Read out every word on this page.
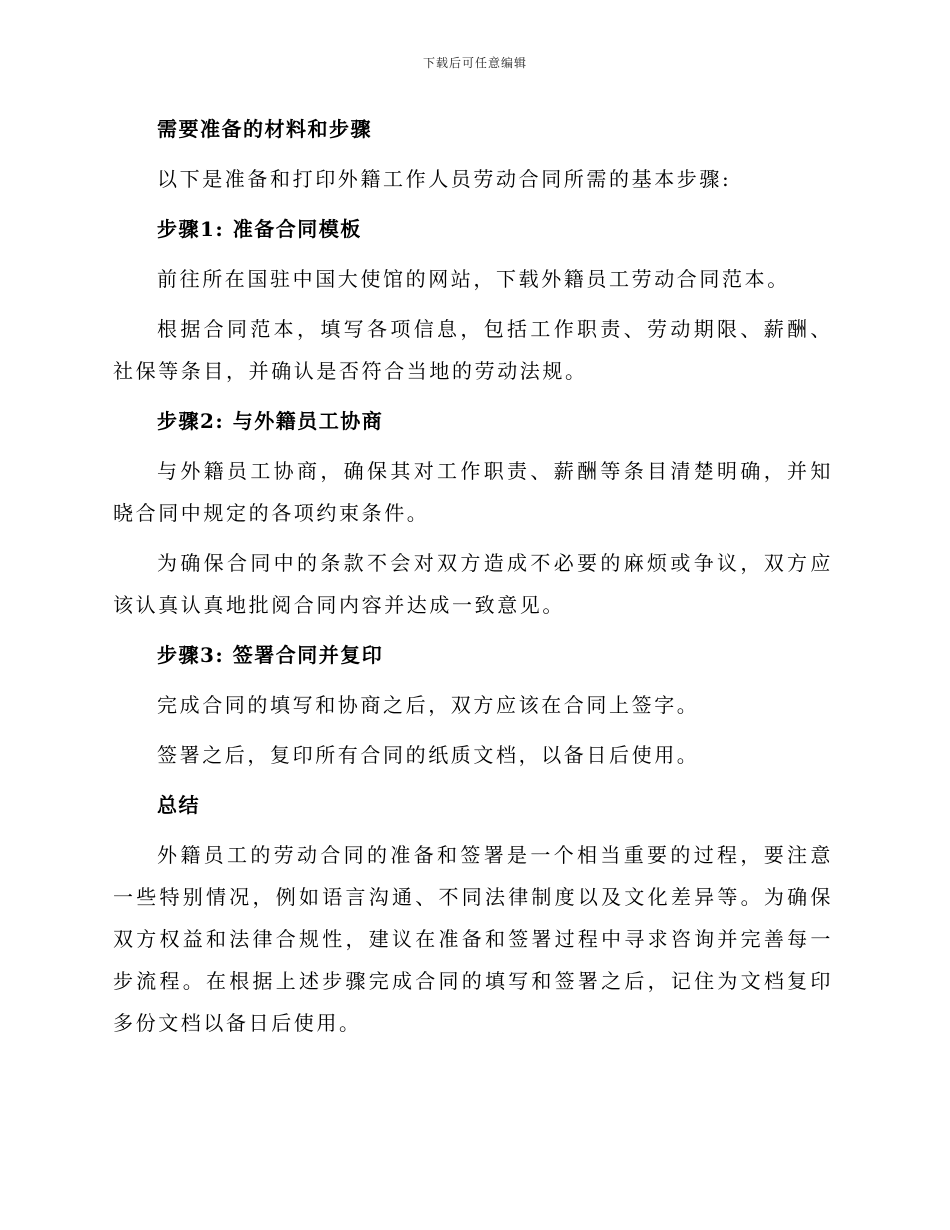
下载后可任意编辑

需要准备的材料和步骤

以下是准备和打印外籍工作人员劳动合同所需的基本步骤:

步骤1: 准备合同模板

前往所在国驻中国大使馆的网站，下载外籍员工劳动合同范本。

根据合同范本，填写各项信息，包括工作职责、劳动期限、薪酬、社保等条目，并确认是否符合当地的劳动法规。

步骤2: 与外籍员工协商

与外籍员工协商，确保其对工作职责、薪酬等条目清楚明确，并知晓合同中规定的各项约束条件。

为确保合同中的条款不会对双方造成不必要的麻烦或争议，双方应该认真认真地批阅合同内容并达成一致意见。

步骤3: 签署合同并复印

完成合同的填写和协商之后，双方应该在合同上签字。

签署之后，复印所有合同的纸质文档，以备日后使用。

总结

外籍员工的劳动合同的准备和签署是一个相当重要的过程，要注意一些特别情况，例如语言沟通、不同法律制度以及文化差异等。为确保双方权益和法律合规性，建议在准备和签署过程中寻求咨询并完善每一步流程。在根据上述步骤完成合同的填写和签署之后，记住为文档复印多份文档以备日后使用。
